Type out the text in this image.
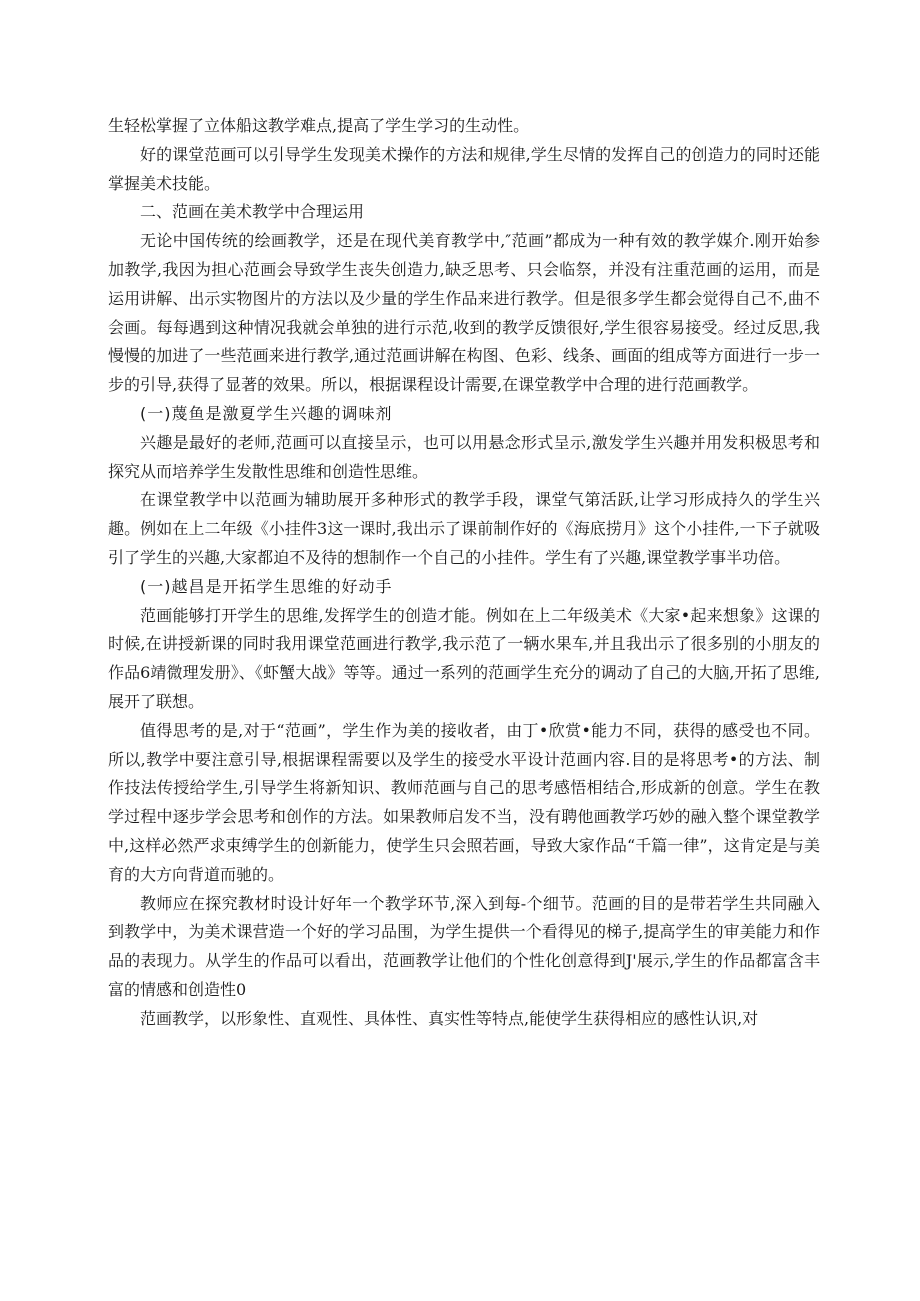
生轻松掌握了立体船这教学难点,提高了学生学习的生动性。

好的课堂范画可以引导学生发现美术操作的方法和规律,学生尽情的发挥自己的创造力的同时还能掌握美术技能。

二、范画在美术教学中合理运用

无论中国传统的绘画教学，还是在现代美育教学中,″范画”都成为一种有效的教学媒介.刚开始参加教学,我因为担心范画会导致学生丧失创造力,缺乏思考、只会临祭，并没有注重范画的运用，而是运用讲解、出示实物图片的方法以及少量的学生作品来进行教学。但是很多学生都会觉得自己不,曲不会画。每每遇到这种情况我就会单独的进行示范,收到的教学反馈很好,学生很容易接受。经过反思,我慢慢的加进了一些范画来进行教学,通过范画讲解在构图、色彩、线条、画面的组成等方面进行一步一步的引导,获得了显著的效果。所以，根据课程设计需要,在课堂教学中合理的进行范画教学。

(一)蔑鱼是激夏学生兴趣的调味剂

兴趣是最好的老师,范画可以直接呈示，也可以用悬念形式呈示,激发学生兴趣并用发积极思考和探究从而培养学生发散性思维和创造性思维。

在课堂教学中以范画为辅助展开多种形式的教学手段，课堂气第活跃,让学习形成持久的学生兴趣。例如在上二年级《小挂件3这一课时,我出示了课前制作好的《海底捞月》这个小挂件,一下子就吸引了学生的兴趣,大家都迫不及待的想制作一个自己的小挂件。学生有了兴趣,课堂教学事半功倍。

(一)越昌是开拓学生思维的好动手

范画能够打开学生的思维,发挥学生的创造才能。例如在上二年级美术《大家•起来想象》这课的时候,在讲授新课的同时我用课堂范画进行教学,我示范了一辆水果车,并且我出示了很多别的小朋友的作品6靖微理发册》、《虾蟹大战》等等。通过一系列的范画学生充分的调动了自己的大脑,开拓了思维,展开了联想。

值得思考的是,对于“范画”，学生作为美的接收者，由丁•欣赏•能力不同，获得的感受也不同。所以,教学中要注意引导,根据课程需要以及学生的接受水平设计范画内容.目的是将思考•的方法、制作技法传授给学生,引导学生将新知识、教师范画与自己的思考感悟相结合,形成新的创意。学生在教学过程中逐步学会思考和创作的方法。如果教师启发不当，没有聘他画教学巧妙的融入整个课堂教学中,这样必然严求束缚学生的创新能力，使学生只会照若画，导致大家作品“千篇一律”，这肯定是与美育的大方向背道而驰的。

教师应在探究教材时设计好年一个教学环节,深入到每-个细节。范画的目的是带若学生共同融入到教学中，为美术课营造一个好的学习品围，为学生提供一个看得见的梯子,提高学生的审美能力和作品的表现力。从学生的作品可以看出，范画教学让他们的个性化创意得到J'展示,学生的作品都富含丰富的情感和创造性0

范画教学，以形象性、直观性、具体性、真实性等特点,能使学生获得相应的感性认识,对
